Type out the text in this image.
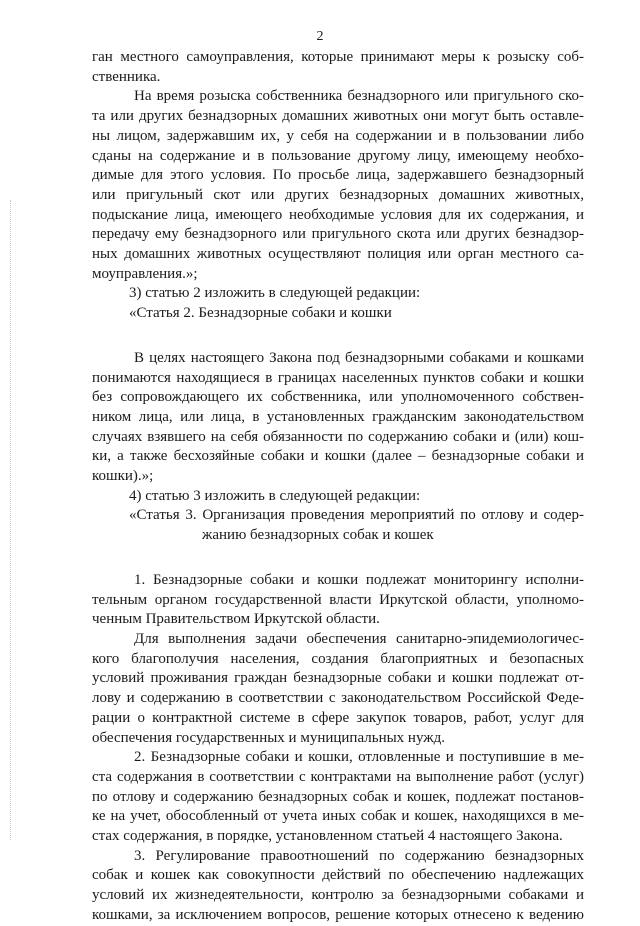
2

ган местного самоуправления, которые принимают меры к розыску соб-

ственника.

На время розыска собственника безнадзорного или пригульного ско-

та или других безнадзорных домашних животных они могут быть оставле-

ны лицом, задержавшим их, у себя на содержании и в пользовании либо

сданы на содержание и в пользование другому лицу, имеющему необхо-

димые для этого условия. По просьбе лица, задержавшего безнадзорный

или пригульный скот или других безнадзорных домашних животных,

подыскание лица, имеющего необходимые условия для их содержания, и

передачу ему безнадзорного или пригульного скота или других безнадзор-

ных домашних животных осуществляют полиция или орган местного са-

моуправления.»;

3) статью 2 изложить в следующей редакции:

«Статья 2. Безнадзорные собаки и кошки

В целях настоящего Закона под безнадзорными собаками и кошками

понимаются находящиеся в границах населенных пунктов собаки и кошки

без сопровождающего их собственника, или уполномоченного собствен-

ником лица, или лица, в установленных гражданским законодательством

случаях взявшего на себя обязанности по содержанию собаки и (или) кош-

ки, а также бесхозяйные собаки и кошки (далее – безнадзорные собаки и

кошки).»;

4) статью 3 изложить в следующей редакции:

«Статья 3. Организация проведения мероприятий по отлову и содер-

жанию безнадзорных собак и кошек

1. Безнадзорные собаки и кошки подлежат мониторингу исполни-

тельным органом государственной власти Иркутской области, уполномо-

ченным Правительством Иркутской области.

Для выполнения задачи обеспечения санитарно-эпидемиологичес-

кого благополучия населения, создания благоприятных и безопасных

условий проживания граждан безнадзорные собаки и кошки подлежат от-

лову и содержанию в соответствии с законодательством Российской Феде-

рации о контрактной системе в сфере закупок товаров, работ, услуг для

обеспечения государственных и муниципальных нужд.

2. Безнадзорные собаки и кошки, отловленные и поступившие в ме-

ста содержания в соответствии с контрактами на выполнение работ (услуг)

по отлову и содержанию безнадзорных собак и кошек, подлежат постанов-

ке на учет, обособленный от учета иных собак и кошек, находящихся в ме-

стах содержания, в порядке, установленном статьей 4 настоящего Закона.

3. Регулирование правоотношений по содержанию безнадзорных

собак и кошек как совокупности действий по обеспечению надлежащих

условий их жизнедеятельности, контролю за безнадзорными собаками и

кошками, за исключением вопросов, решение которых отнесено к ведению
